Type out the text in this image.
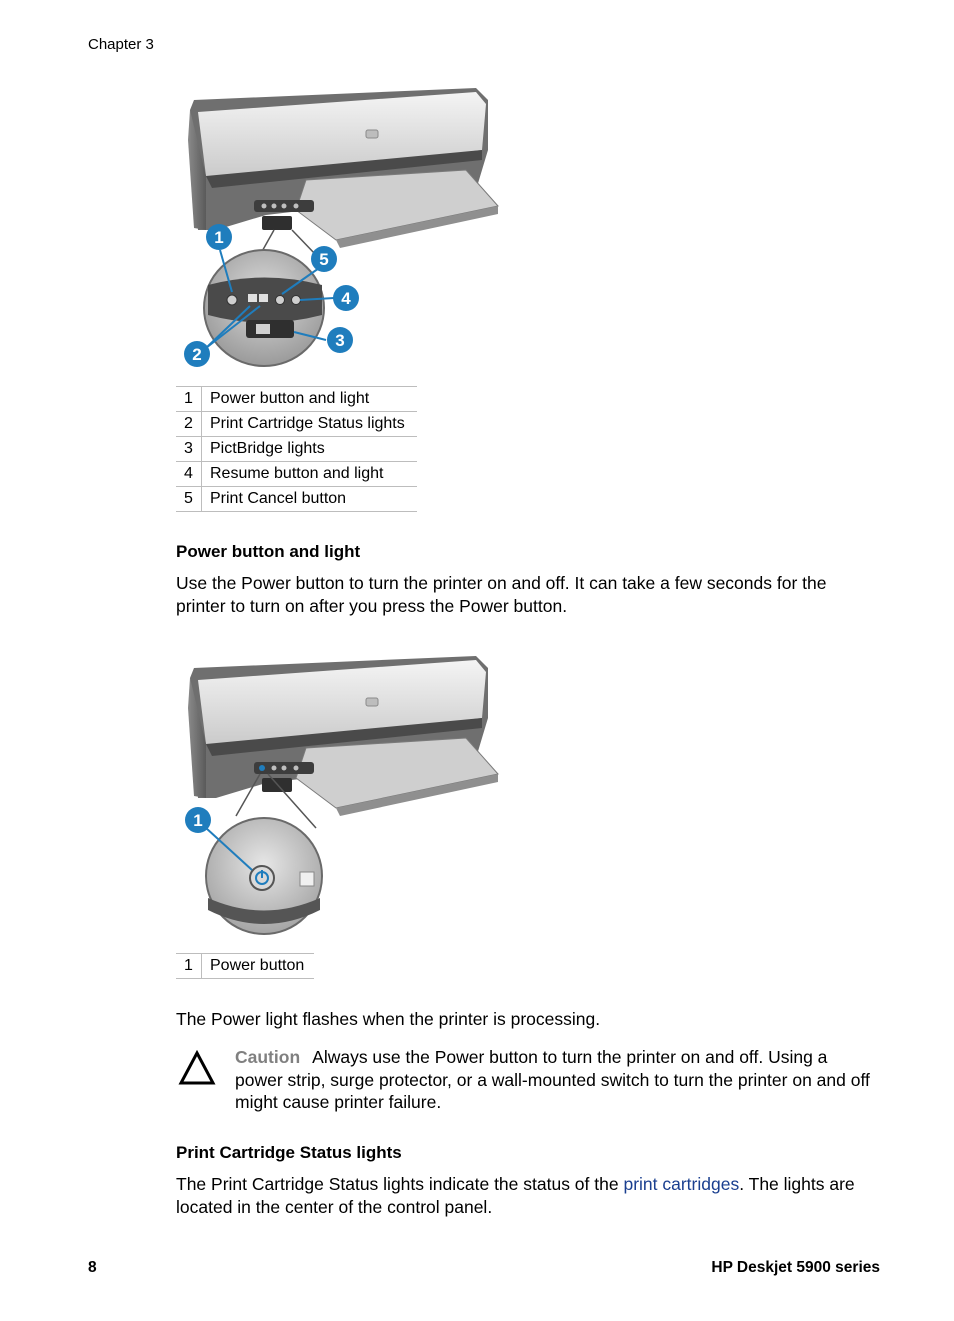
Chapter 3
1
2
3
4
5
1	Power button and light
2	Print Cartridge Status lights
3	PictBridge lights
4	Resume button and light
5	Print Cancel button
Power button and light

Use the Power button to turn the printer on and off. It can take a few seconds for the printer to turn on after you press the Power button.

1
1	Power button

The Power light flashes when the printer is processing.

Caution Always use the Power button to turn the printer on and off. Using a power strip, surge protector, or a wall-mounted switch to turn the printer on and off might cause printer failure.

Print Cartridge Status lights

The Print Cartridge Status lights indicate the status of the print cartridges. The lights are located in the center of the control panel.

8	HP Deskjet 5900 series
